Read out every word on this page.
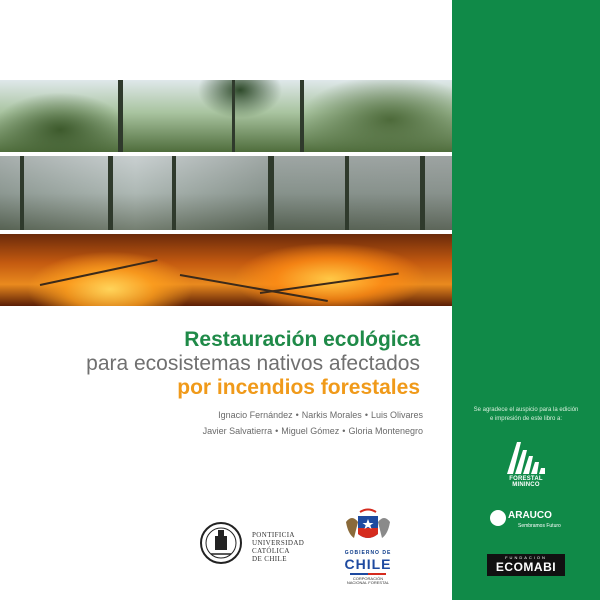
Restauración ecológica
para ecosistemas nativos afectados
por incendios forestales
Ignacio Fernández • Narkis Morales • Luis Olivares
Javier Salvatierra • Miguel Gómez • Gloria Montenegro
PONTIFICIA
UNIVERSIDAD
CATÓLICA
DE CHILE
GOBIERNO DE
CHILE
CORPORACIÓN
NACIONAL FORESTAL
Se agradece el auspicio para la edición
e impresión de este libro a:
FORESTAL
MININCO
ARAUCO
Sembramos Futuro
FUNDACION
ECOMABI
